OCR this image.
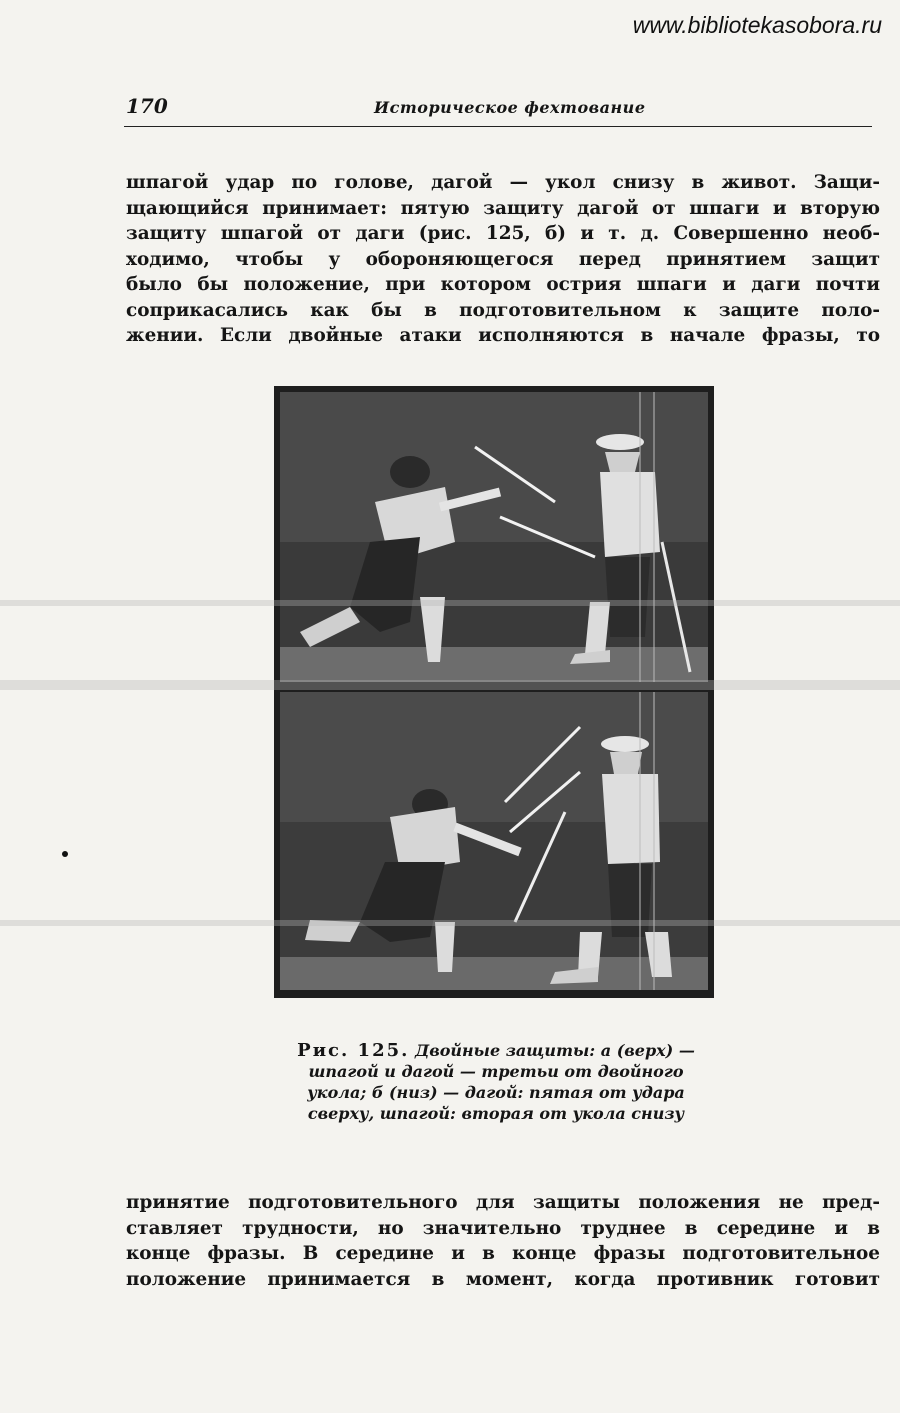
www.bibliotekasobora.ru
170	Историческое фехтование
шпагой удар по голове, дагой — укол снизу в живот. Защи-
щающийся принимает: пятую защиту дагой от шпаги и вторую
защиту шпагой от даги (рис. 125, б) и т. д. Совершенно необ-
ходимо, чтобы у обороняющегося перед принятием защит
было бы положение, при котором острия шпаги и даги почти
соприкасались как бы в подготовительном к защите поло-
жении. Если двойные атаки исполняются в начале фразы, то
Рис. 125. Двойные защиты: а (верх) —
шпагой и дагой — третьи от двойного
укола; б (низ) — дагой: пятая от удара
сверху, шпагой: вторая от укола снизу
принятие подготовительного для защиты положения не пред-
ставляет трудности, но значительно труднее в середине и в
конце фразы. В середине и в конце фразы подготовительное
положение принимается в момент, когда противник готовит
